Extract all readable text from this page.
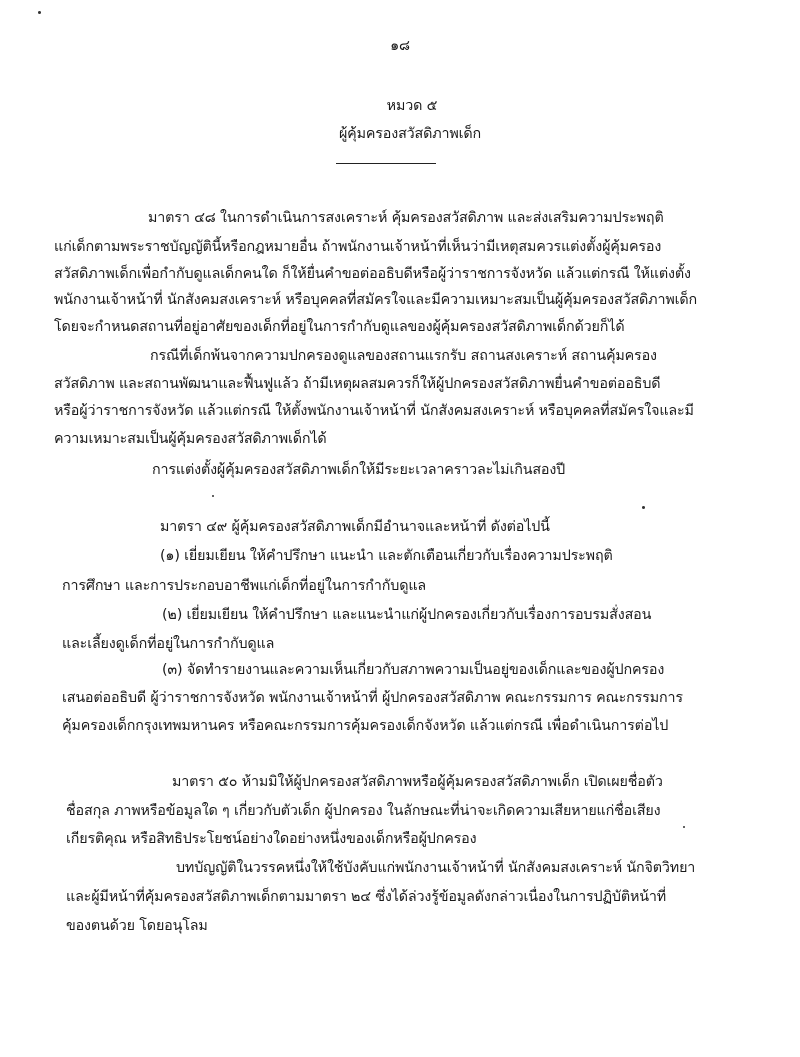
๑๘
หมวด ๕
ผู้คุ้มครองสวัสดิภาพเด็ก
มาตรา ๔๘ ในการดำเนินการสงเคราะห์ คุ้มครองสวัสดิภาพ และส่งเสริมความประพฤติ
แก่เด็กตามพระราชบัญญัตินี้หรือกฎหมายอื่น ถ้าพนักงานเจ้าหน้าที่เห็นว่ามีเหตุสมควรแต่งตั้งผู้คุ้มครอง
สวัสดิภาพเด็กเพื่อกำกับดูแลเด็กคนใด ก็ให้ยื่นคำขอต่ออธิบดีหรือผู้ว่าราชการจังหวัด แล้วแต่กรณี ให้แต่งตั้ง
พนักงานเจ้าหน้าที่ นักสังคมสงเคราะห์ หรือบุคคลที่สมัครใจและมีความเหมาะสมเป็นผู้คุ้มครองสวัสดิภาพเด็ก
โดยจะกำหนดสถานที่อยู่อาศัยของเด็กที่อยู่ในการกำกับดูแลของผู้คุ้มครองสวัสดิภาพเด็กด้วยก็ได้
กรณีที่เด็กพ้นจากความปกครองดูแลของสถานแรกรับ สถานสงเคราะห์ สถานคุ้มครอง
สวัสดิภาพ และสถานพัฒนาและฟื้นฟูแล้ว ถ้ามีเหตุผลสมควรก็ให้ผู้ปกครองสวัสดิภาพยื่นคำขอต่ออธิบดี
หรือผู้ว่าราชการจังหวัด แล้วแต่กรณี ให้ตั้งพนักงานเจ้าหน้าที่ นักสังคมสงเคราะห์ หรือบุคคลที่สมัครใจและมี
ความเหมาะสมเป็นผู้คุ้มครองสวัสดิภาพเด็กได้
การแต่งตั้งผู้คุ้มครองสวัสดิภาพเด็กให้มีระยะเวลาคราวละไม่เกินสองปี
มาตรา ๔๙ ผู้คุ้มครองสวัสดิภาพเด็กมีอำนาจและหน้าที่ ดังต่อไปนี้
(๑) เยี่ยมเยียน ให้คำปรึกษา แนะนำ และตักเตือนเกี่ยวกับเรื่องความประพฤติ
การศึกษา และการประกอบอาชีพแก่เด็กที่อยู่ในการกำกับดูแล
(๒) เยี่ยมเยียน ให้คำปรึกษา และแนะนำแก่ผู้ปกครองเกี่ยวกับเรื่องการอบรมสั่งสอน
และเลี้ยงดูเด็กที่อยู่ในการกำกับดูแล
(๓) จัดทำรายงานและความเห็นเกี่ยวกับสภาพความเป็นอยู่ของเด็กและของผู้ปกครอง
เสนอต่ออธิบดี ผู้ว่าราชการจังหวัด พนักงานเจ้าหน้าที่ ผู้ปกครองสวัสดิภาพ คณะกรรมการ คณะกรรมการ
คุ้มครองเด็กกรุงเทพมหานคร หรือคณะกรรมการคุ้มครองเด็กจังหวัด แล้วแต่กรณี เพื่อดำเนินการต่อไป
มาตรา ๕๐ ห้ามมิให้ผู้ปกครองสวัสดิภาพหรือผู้คุ้มครองสวัสดิภาพเด็ก เปิดเผยชื่อตัว
ชื่อสกุล ภาพหรือข้อมูลใด ๆ เกี่ยวกับตัวเด็ก ผู้ปกครอง ในลักษณะที่น่าจะเกิดความเสียหายแก่ชื่อเสียง
เกียรติคุณ หรือสิทธิประโยชน์อย่างใดอย่างหนึ่งของเด็กหรือผู้ปกครอง
บทบัญญัติในวรรคหนึ่งให้ใช้บังคับแก่พนักงานเจ้าหน้าที่ นักสังคมสงเคราะห์ นักจิตวิทยา
และผู้มีหน้าที่คุ้มครองสวัสดิภาพเด็กตามมาตรา ๒๔ ซึ่งได้ล่วงรู้ข้อมูลดังกล่าวเนื่องในการปฏิบัติหน้าที่
ของตนด้วย โดยอนุโลม
